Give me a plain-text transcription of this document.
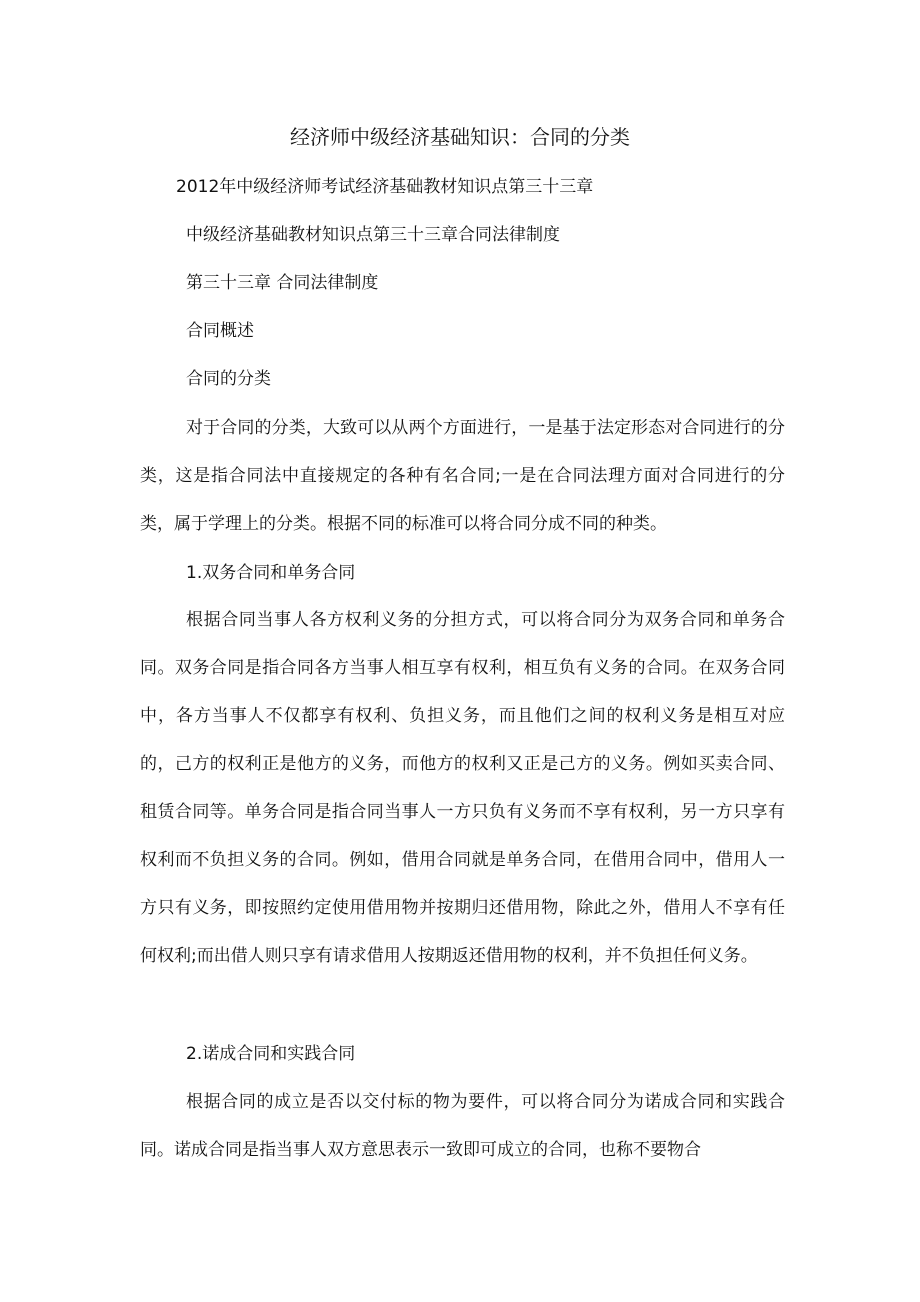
经济师中级经济基础知识：合同的分类
2012年中级经济师考试经济基础教材知识点第三十三章
中级经济基础教材知识点第三十三章合同法律制度
第三十三章 合同法律制度
合同概述
合同的分类

对于合同的分类，大致可以从两个方面进行，一是基于法定形态对合同进行的分类，这是指合同法中直接规定的各种有名合同;一是在合同法理方面对合同进行的分类，属于学理上的分类。根据不同的标准可以将合同分成不同的种类。

1.双务合同和单务合同

根据合同当事人各方权利义务的分担方式，可以将合同分为双务合同和单务合同。双务合同是指合同各方当事人相互享有权利，相互负有义务的合同。在双务合同中，各方当事人不仅都享有权利、负担义务，而且他们之间的权利义务是相互对应的，己方的权利正是他方的义务，而他方的权利又正是己方的义务。例如买卖合同、租赁合同等。单务合同是指合同当事人一方只负有义务而不享有权利，另一方只享有权利而不负担义务的合同。例如，借用合同就是单务合同，在借用合同中，借用人一方只有义务，即按照约定使用借用物并按期归还借用物，除此之外，借用人不享有任何权利;而出借人则只享有请求借用人按期返还借用物的权利，并不负担任何义务。

2.诺成合同和实践合同

根据合同的成立是否以交付标的物为要件，可以将合同分为诺成合同和实践合同。诺成合同是指当事人双方意思表示一致即可成立的合同，也称不要物合
